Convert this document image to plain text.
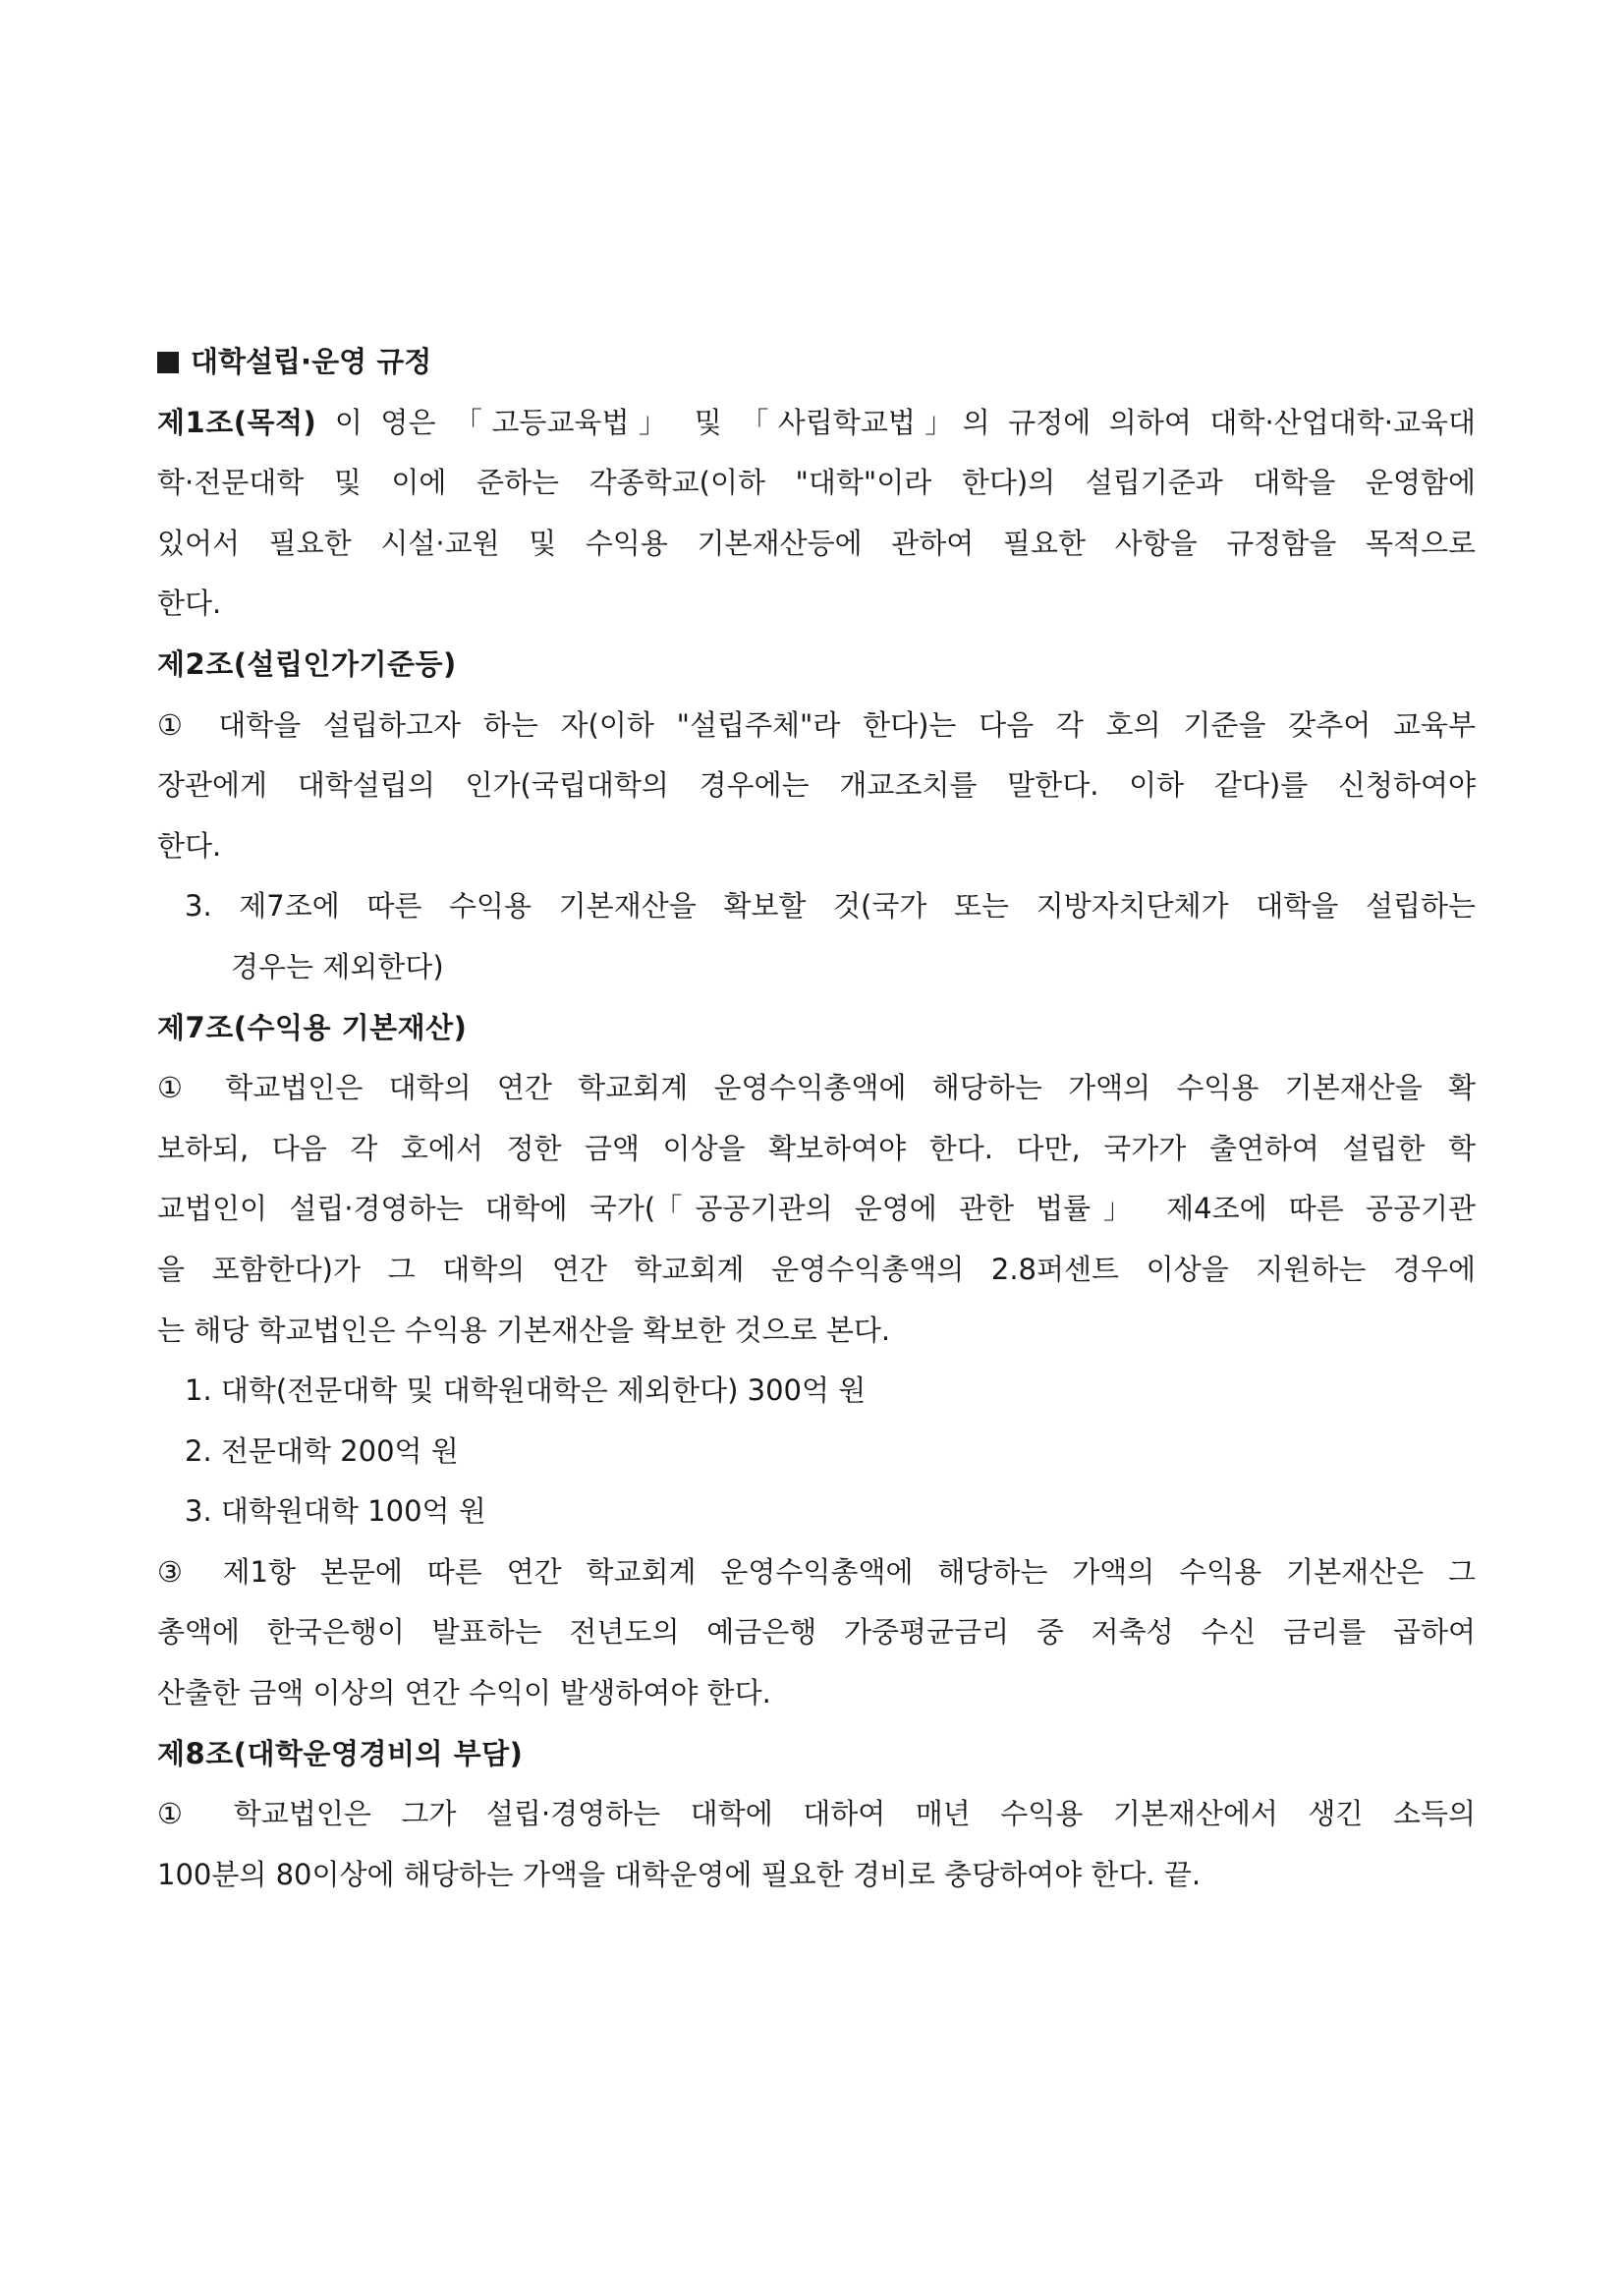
대학설립·운영 규정
제1조(목적) 이 영은 「고등교육법」 및 「사립학교법」의 규정에 의하여 대학·산업대학·교육대
학·전문대학 및 이에 준하는 각종학교(이하 "대학"이라 한다)의 설립기준과 대학을 운영함에
있어서 필요한 시설·교원 및 수익용 기본재산등에 관하여 필요한 사항을 규정함을 목적으로
한다.
제2조(설립인가기준등)
① 대학을 설립하고자 하는 자(이하 "설립주체"라 한다)는 다음 각 호의 기준을 갖추어 교육부
장관에게 대학설립의 인가(국립대학의 경우에는 개교조치를 말한다. 이하 같다)를 신청하여야
한다.
3. 제7조에 따른 수익용 기본재산을 확보할 것(국가 또는 지방자치단체가 대학을 설립하는
경우는 제외한다)
제7조(수익용 기본재산)
① 학교법인은 대학의 연간 학교회계 운영수익총액에 해당하는 가액의 수익용 기본재산을 확
보하되, 다음 각 호에서 정한 금액 이상을 확보하여야 한다. 다만, 국가가 출연하여 설립한 학
교법인이 설립·경영하는 대학에 국가(「공공기관의 운영에 관한 법률」 제4조에 따른 공공기관
을 포함한다)가 그 대학의 연간 학교회계 운영수익총액의 2.8퍼센트 이상을 지원하는 경우에
는 해당 학교법인은 수익용 기본재산을 확보한 것으로 본다.
1. 대학(전문대학 및 대학원대학은 제외한다) 300억 원
2. 전문대학 200억 원
3. 대학원대학 100억 원
③ 제1항 본문에 따른 연간 학교회계 운영수익총액에 해당하는 가액의 수익용 기본재산은 그
총액에 한국은행이 발표하는 전년도의 예금은행 가중평균금리 중 저축성 수신 금리를 곱하여
산출한 금액 이상의 연간 수익이 발생하여야 한다.
제8조(대학운영경비의 부담)
① 학교법인은 그가 설립·경영하는 대학에 대하여 매년 수익용 기본재산에서 생긴 소득의
100분의 80이상에 해당하는 가액을 대학운영에 필요한 경비로 충당하여야 한다. 끝.
